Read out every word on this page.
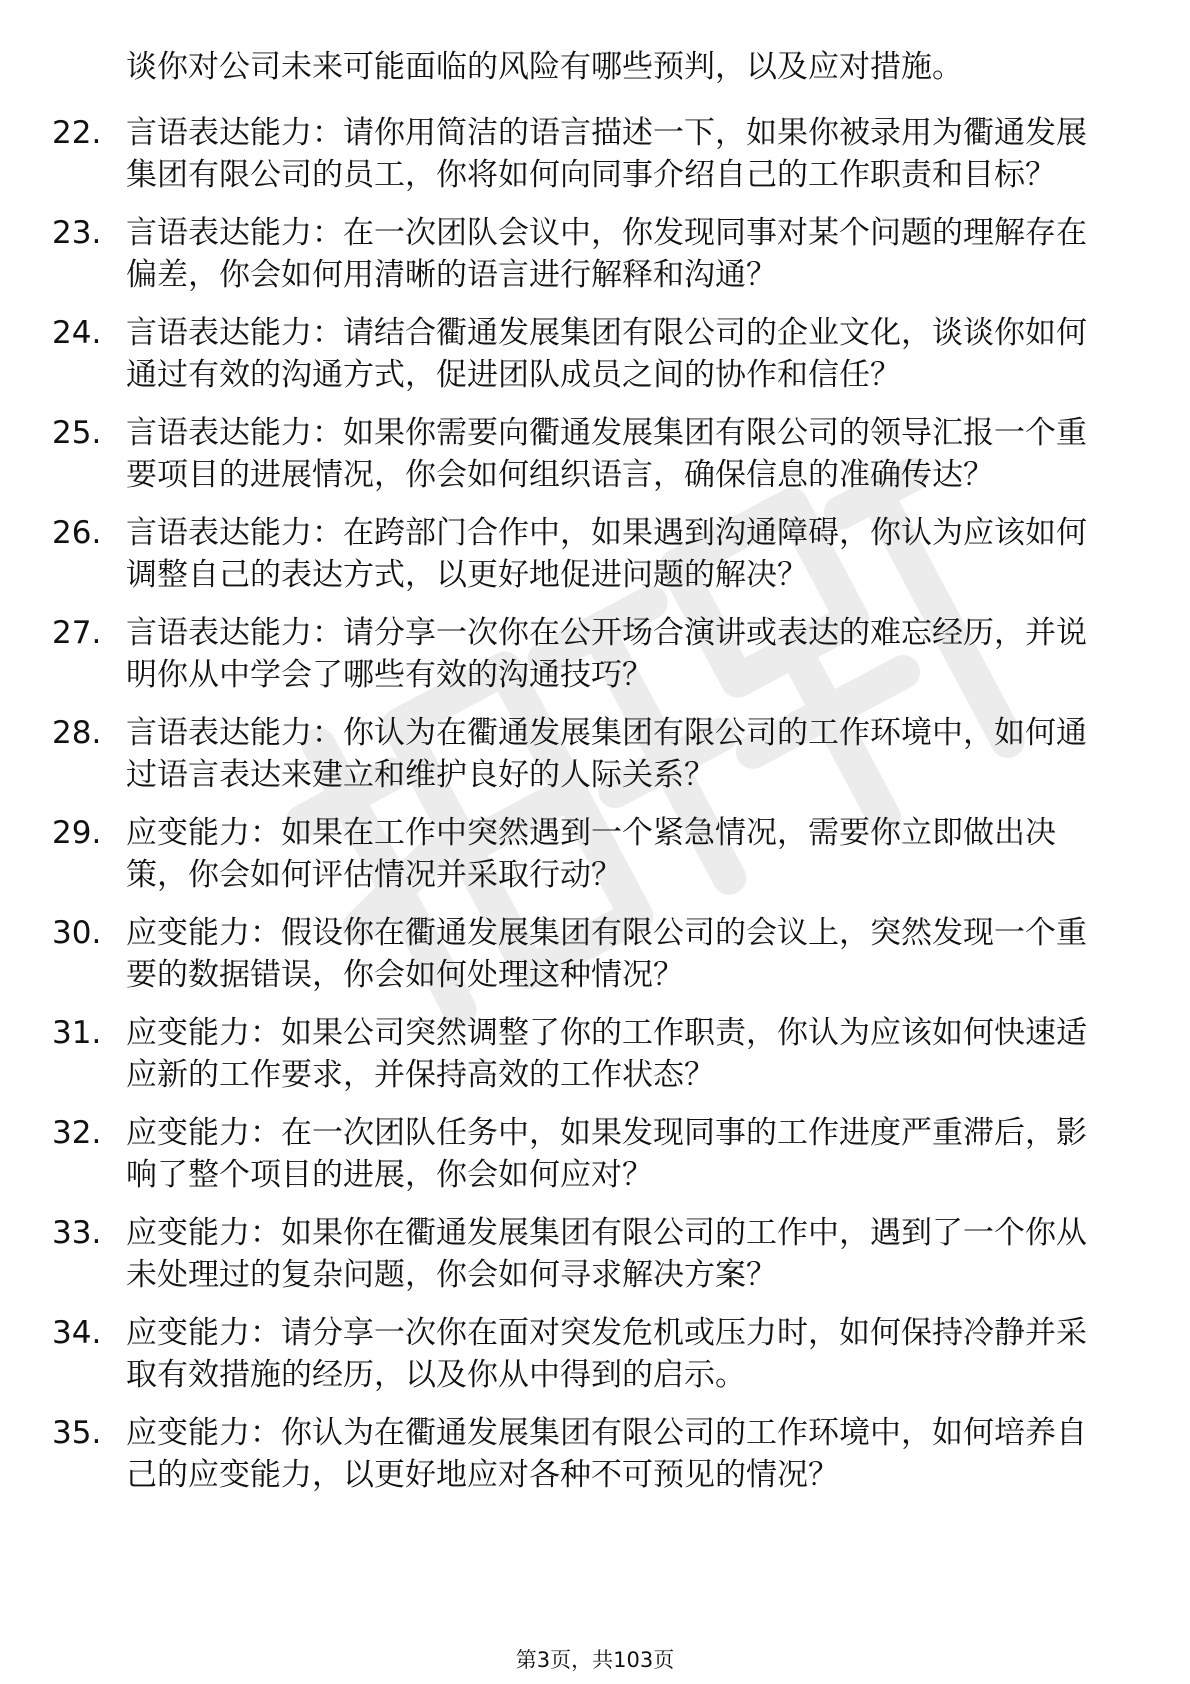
谈你对公司未来可能面临的风险有哪些预判，以及应对措施。
22. 言语表达能力：请你用简洁的语言描述一下，如果你被录用为衢通发展集团有限公司的员工，你将如何向同事介绍自己的工作职责和目标？
23. 言语表达能力：在一次团队会议中，你发现同事对某个问题的理解存在偏差，你会如何用清晰的语言进行解释和沟通？
24. 言语表达能力：请结合衢通发展集团有限公司的企业文化，谈谈你如何通过有效的沟通方式，促进团队成员之间的协作和信任？
25. 言语表达能力：如果你需要向衢通发展集团有限公司的领导汇报一个重要项目的进展情况，你会如何组织语言，确保信息的准确传达？
26. 言语表达能力：在跨部门合作中，如果遇到沟通障碍，你认为应该如何调整自己的表达方式，以更好地促进问题的解决？
27. 言语表达能力：请分享一次你在公开场合演讲或表达的难忘经历，并说明你从中学会了哪些有效的沟通技巧？
28. 言语表达能力：你认为在衢通发展集团有限公司的工作环境中，如何通过语言表达来建立和维护良好的人际关系？
29. 应变能力：如果在工作中突然遇到一个紧急情况，需要你立即做出决策，你会如何评估情况并采取行动？
30. 应变能力：假设你在衢通发展集团有限公司的会议上，突然发现一个重要的数据错误，你会如何处理这种情况？
31. 应变能力：如果公司突然调整了你的工作职责，你认为应该如何快速适应新的工作要求，并保持高效的工作状态？
32. 应变能力：在一次团队任务中，如果发现同事的工作进度严重滞后，影响了整个项目的进展，你会如何应对？
33. 应变能力：如果你在衢通发展集团有限公司的工作中，遇到了一个你从未处理过的复杂问题，你会如何寻求解决方案？
34. 应变能力：请分享一次你在面对突发危机或压力时，如何保持冷静并采取有效措施的经历，以及你从中得到的启示。
35. 应变能力：你认为在衢通发展集团有限公司的工作环境中，如何培养自己的应变能力，以更好地应对各种不可预见的情况？
第3页，共103页
